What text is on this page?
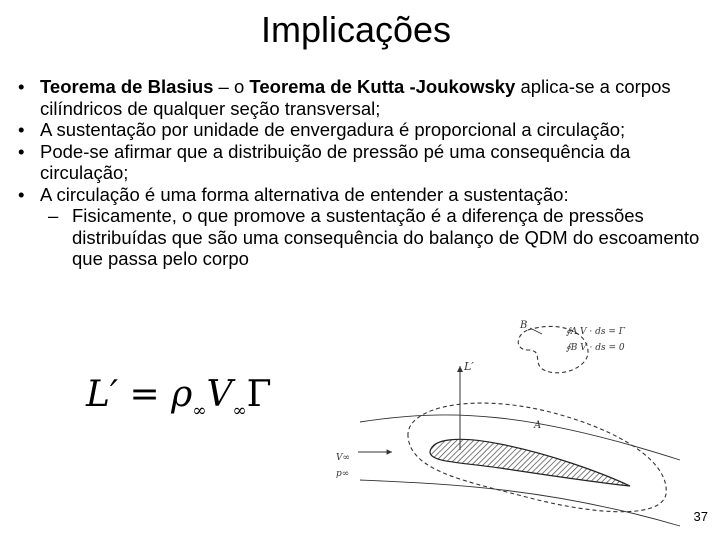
Implicações
• Teorema de Blasius – o Teorema de Kutta -Joukowsky aplica-se a corpos cilíndricos de qualquer seção transversal;
• A sustentação por unidade de envergadura é proporcional a circulação;
• Pode-se afirmar que a distribuição de pressão pé uma consequência da circulação;
• A circulação é uma forma alternativa de entender a sustentação:
– Fisicamente, o que promove a sustentação é a diferença de pressões distribuídas que são uma consequência do balanço de QDM do escoamento que passa pelo corpo
$L' = \rho_\infty V_\infty\Gamma$
B
∮A V · ds = Γ
∮B V · ds = 0
A
L′
V∞
p∞
37
